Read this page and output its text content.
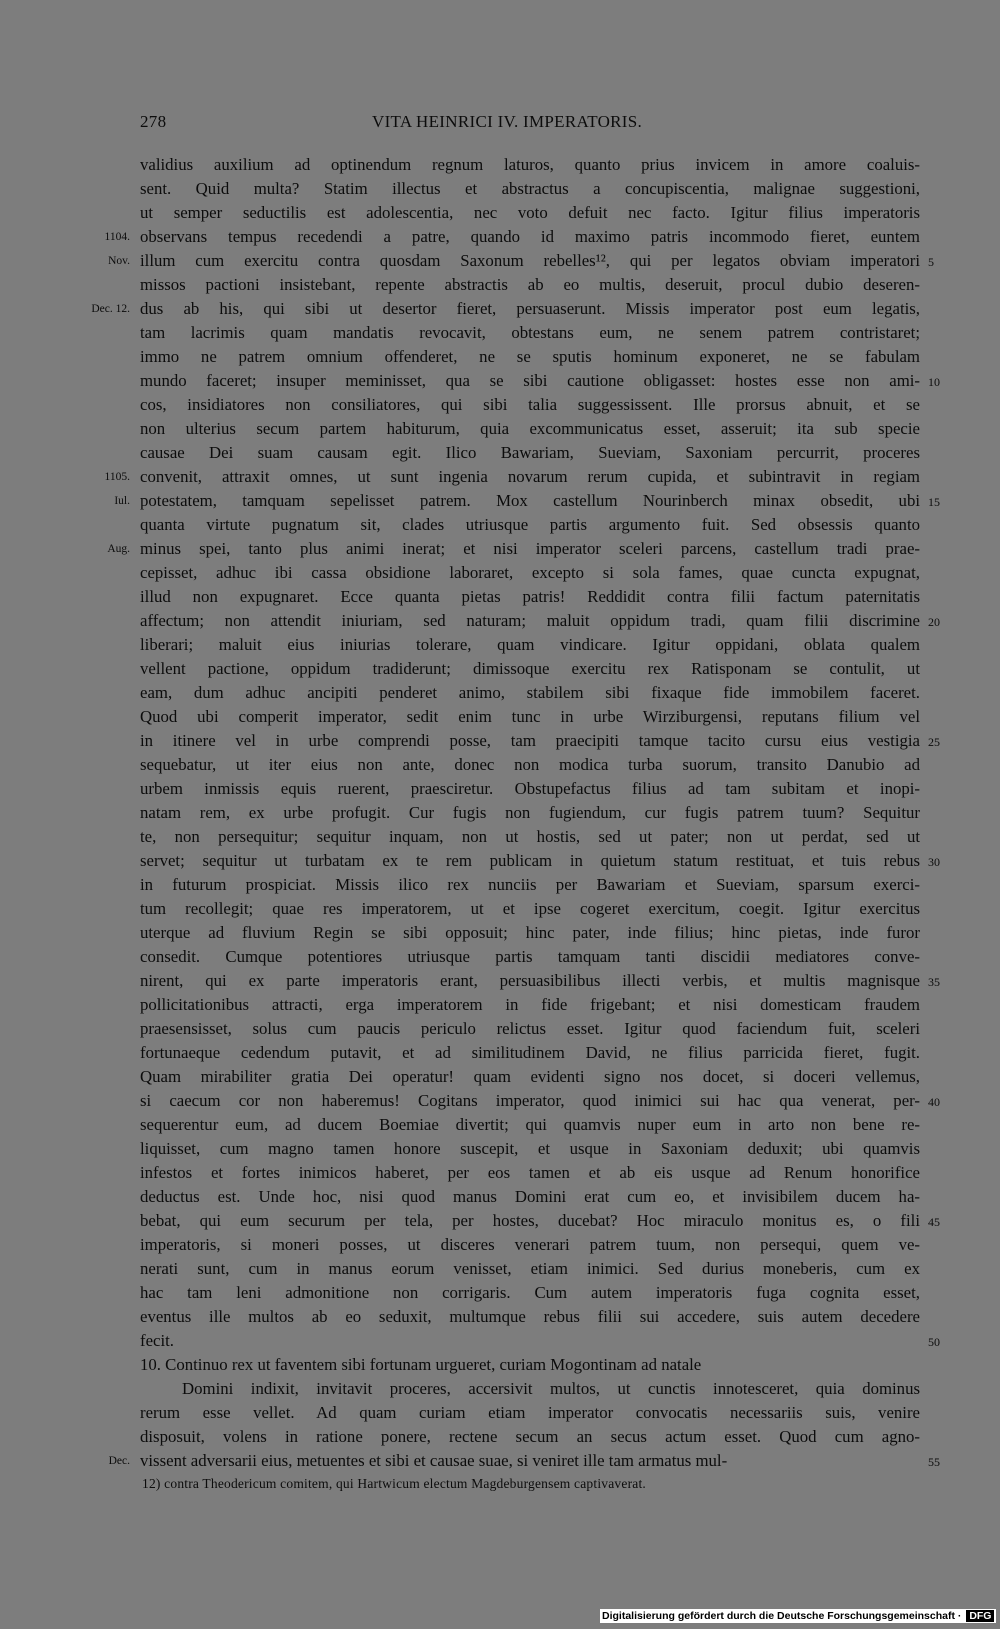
278	VITA HEINRICI IV. IMPERATORIS.
validius auxilium ad optinendum regnum laturos, quanto prius invicem in amore coaluis-
sent. Quid multa? Statim illectus et abstractus a concupiscentia, malignae suggestioni,
ut semper seductilis est adolescentia, nec voto defuit nec facto. Igitur filius imperatoris
observans tempus recedendi a patre, quando id maximo patris incommodo fieret, euntem
illum cum exercitu contra quosdam Saxonum rebelles¹², qui per legatos obviam imperatori
missos pactioni insistebant, repente abstractis ab eo multis, deseruit, procul dubio deseren-
dus ab his, qui sibi ut desertor fieret, persuaserunt. Missis imperator post eum legatis,
tam lacrimis quam mandatis revocavit, obtestans eum, ne senem patrem contristaret;
immo ne patrem omnium offenderet, ne se sputis hominum exponeret, ne se fabulam
mundo faceret; insuper meminisset, qua se sibi cautione obligasset: hostes esse non ami-
cos, insidiatores non consiliatores, qui sibi talia suggessissent. Ille prorsus abnuit, et se
non ulterius secum partem habiturum, quia excommunicatus esset, asseruit; ita sub specie
causae Dei suam causam egit. Ilico Bawariam, Sueviam, Saxoniam percurrit, proceres
convenit, attraxit omnes, ut sunt ingenia novarum rerum cupida, et subintravit in regiam
potestatem, tamquam sepelisset patrem. Mox castellum Nourinberch minax obsedit, ubi
quanta virtute pugnatum sit, clades utriusque partis argumento fuit. Sed obsessis quanto
minus spei, tanto plus animi inerat; et nisi imperator sceleri parcens, castellum tradi prae-
cepisset, adhuc ibi cassa obsidione laboraret, excepto si sola fames, quae cuncta expugnat,
illud non expugnaret. Ecce quanta pietas patris! Reddidit contra filii factum paternitatis
affectum; non attendit iniuriam, sed naturam; maluit oppidum tradi, quam filii discrimine
liberari; maluit eius iniurias tolerare, quam vindicare. Igitur oppidani, oblata qualem
vellent pactione, oppidum tradiderunt; dimissoque exercitu rex Ratisponam se contulit, ut
eam, dum adhuc ancipiti penderet animo, stabilem sibi fixaque fide immobilem faceret.
Quod ubi comperit imperator, sedit enim tunc in urbe Wirziburgensi, reputans filium vel
in itinere vel in urbe comprendi posse, tam praecipiti tamque tacito cursu eius vestigia
sequebatur, ut iter eius non ante, donec non modica turba suorum, transito Danubio ad
urbem inmissis equis ruerent, praesciretur. Obstupefactus filius ad tam subitam et inopi-
natam rem, ex urbe profugit. Cur fugis non fugiendum, cur fugis patrem tuum? Sequitur
te, non persequitur; sequitur inquam, non ut hostis, sed ut pater; non ut perdat, sed ut
servet; sequitur ut turbatam ex te rem publicam in quietum statum restituat, et tuis rebus
in futurum prospiciat. Missis ilico rex nunciis per Bawariam et Sueviam, sparsum exerci-
tum recollegit; quae res imperatorem, ut et ipse cogeret exercitum, coegit. Igitur exercitus
uterque ad fluvium Regin se sibi opposuit; hinc pater, inde filius; hinc pietas, inde furor
consedit. Cumque potentiores utriusque partis tamquam tanti discidii mediatores conve-
nirent, qui ex parte imperatoris erant, persuasibilibus illecti verbis, et multis magnisque
pollicitationibus attracti, erga imperatorem in fide frigebant; et nisi domesticam fraudem
praesensisset, solus cum paucis periculo relictus esset. Igitur quod faciendum fuit, sceleri
fortunaeque cedendum putavit, et ad similitudinem David, ne filius parricida fieret, fugit.
Quam mirabiliter gratia Dei operatur! quam evidenti signo nos docet, si doceri vellemus,
si caecum cor non haberemus! Cogitans imperator, quod inimici sui hac qua venerat, per-
sequerentur eum, ad ducem Boemiae divertit; qui quamvis nuper eum in arto non bene re-
liquisset, cum magno tamen honore suscepit, et usque in Saxoniam deduxit; ubi quamvis
infestos et fortes inimicos haberet, per eos tamen et ab eis usque ad Renum honorifice
deductus est. Unde hoc, nisi quod manus Domini erat cum eo, et invisibilem ducem ha-
bebat, qui eum securum per tela, per hostes, ducebat? Hoc miraculo monitus es, o fili
imperatoris, si moneri posses, ut disceres venerari patrem tuum, non persequi, quem ve-
nerati sunt, cum in manus eorum venisset, etiam inimici. Sed durius moneberis, cum ex
hac tam leni admonitione non corrigaris. Cum autem imperatoris fuga cognita esset,
eventus ille multos ab eo seduxit, multumque rebus filii sui accedere, suis autem decedere
fecit.
10. Continuo rex ut faventem sibi fortunam urgueret, curiam Mogontinam ad natale
Domini indixit, invitavit proceres, accersivit multos, ut cunctis innotesceret, quia dominus
rerum esse vellet. Ad quam curiam etiam imperator convocatis necessariis suis, venire
disposuit, volens in ratione ponere, rectene secum an secus actum esset. Quod cum agno-
vissent adversarii eius, metuentes et sibi et causae suae, si veniret ille tam armatus mul-
1104.
Nov.
Dec. 12.
1105.
Iul.
Aug.
Dec.
5
10
15
20
25
30
35
40
45
50
55
12) contra Theodericum comitem, qui Hartwicum electum Magdeburgensem captivaverat.
Digitalisierung gefördert durch die Deutsche Forschungsgemeinschaft · DFG
